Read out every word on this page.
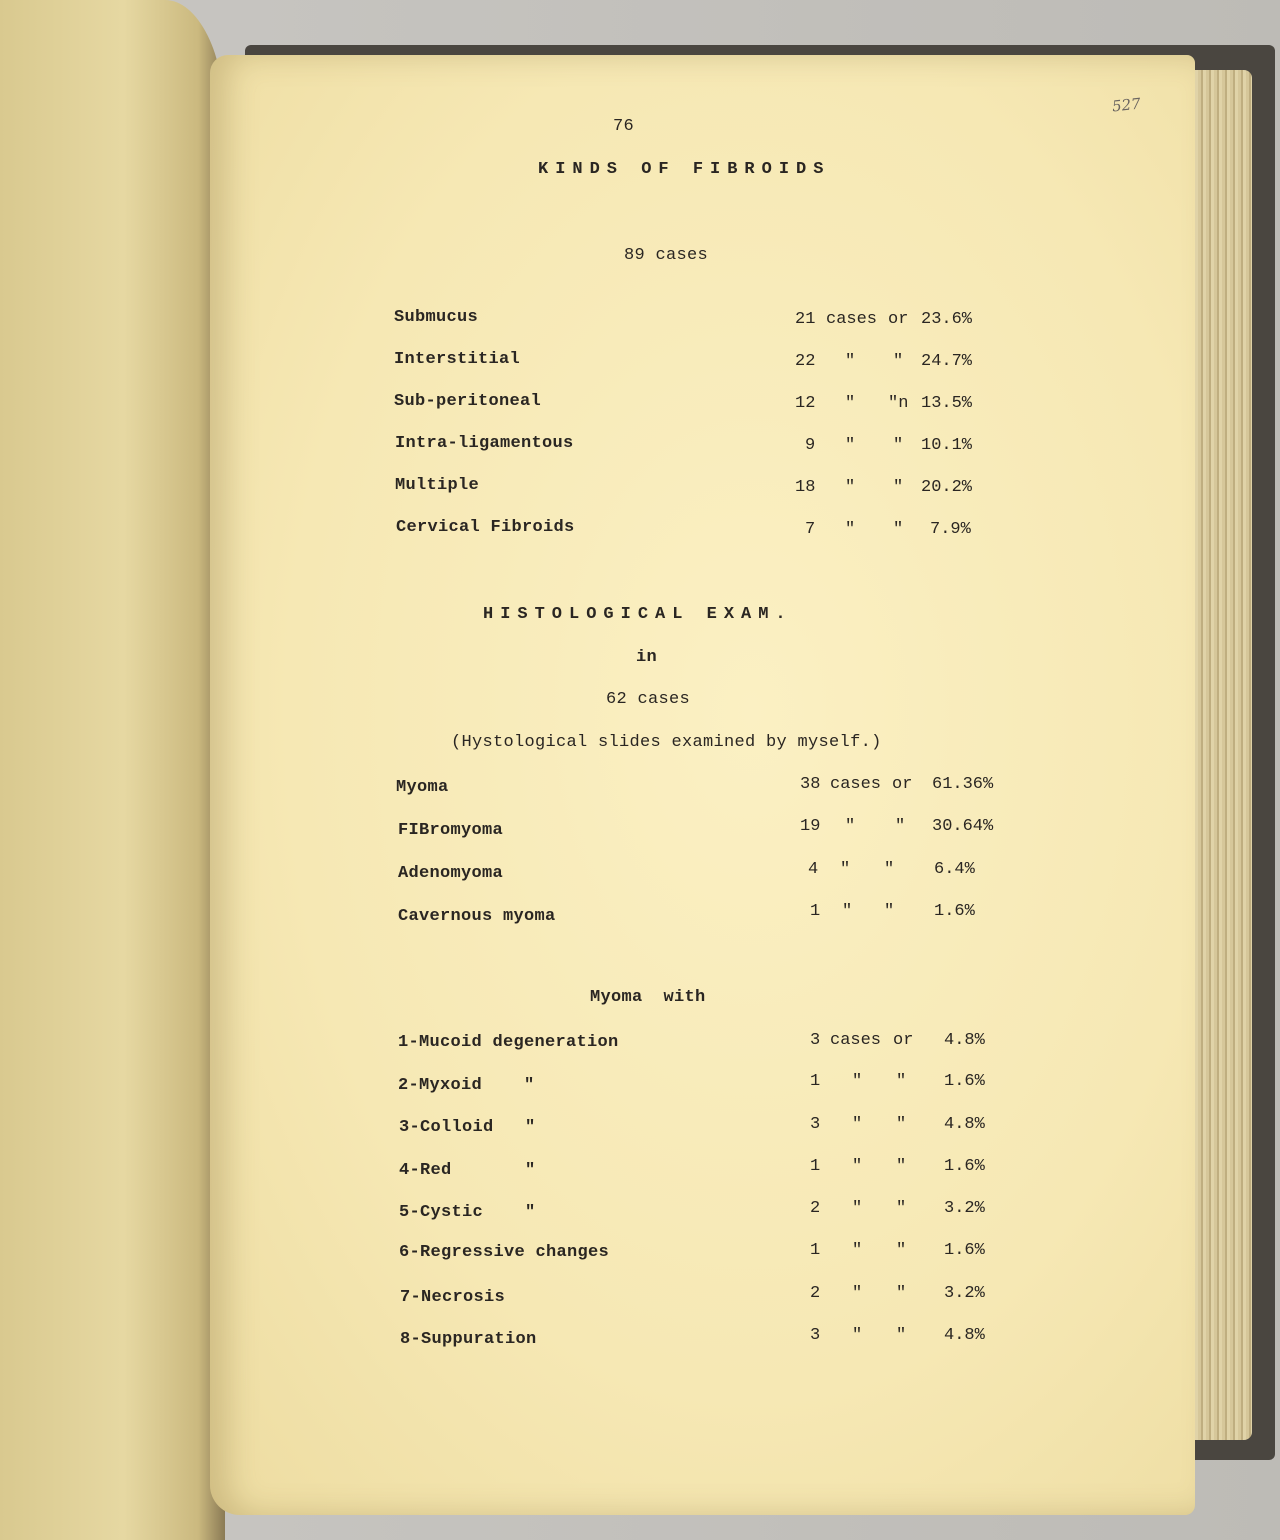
527
76
KINDS OF FIBROIDS
89 cases
Submucus	21 cases or 23.6%
Interstitial	22 " " 24.7%
Sub-peritoneal	12 " "n 13.5%
Intra-ligamentous	9 " " 10.1%
Multiple	18 " " 20.2%
Cervical Fibroids	7 " " 7.9%
HISTOLOGICAL EXAM.
in
62 cases
(Hystological slides examined by myself.)
Myoma	38 cases or 61.36%
FIBromyoma	19 " " 30.64%
Adenomyoma	4 " " 6.4%
Cavernous myoma	1 " " 1.6%
Myoma  with
1-Mucoid degeneration	3 cases or 4.8%
2-Myxoid    "	1 " " 1.6%
3-Colloid   "	3 " " 4.8%
4-Red       "	1 " " 1.6%
5-Cystic    "	2 " " 3.2%
6-Regressive changes	1 " " 1.6%
7-Necrosis	2 " " 3.2%
8-Suppuration	3 " " 4.8%
